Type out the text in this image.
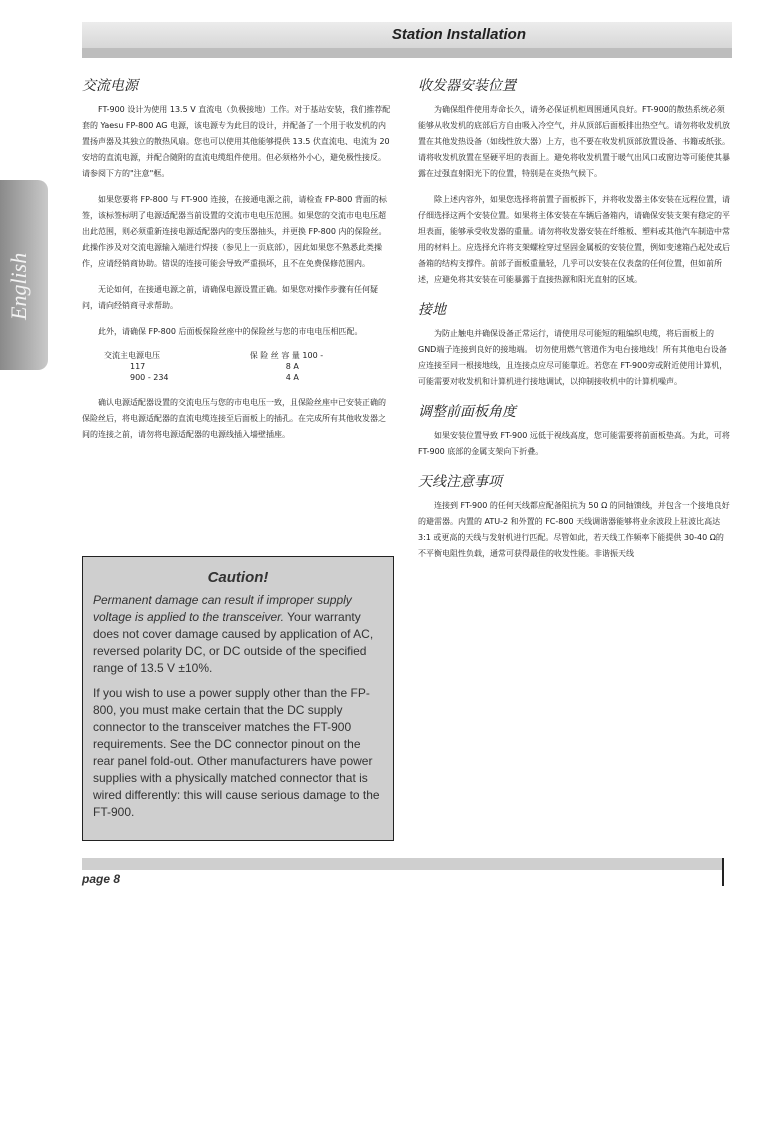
Station Installation
English
交流电源

FT-900 设计为使用 13.5 V 直流电（负极接地）工作。对于基站安装，我们推荐配套的 Yaesu FP-800 AG 电源，该电源专为此目的设计，并配备了一个用于收发机的内置扬声器及其独立的散热风扇。您也可以使用其他能够提供 13.5 伏直流电、电流为 20 安培的直流电源，并配合随附的直流电缆组件使用。但必须格外小心，避免极性接反。请参阅下方的"注意"框。

如果您要将 FP-800 与 FT-900 连接，在接通电源之前，请检查 FP-800 背面的标签，该标签标明了电源适配器当前设置的交流市电电压范围。如果您的交流市电电压超出此范围，则必须重新连接电源适配器内的变压器抽头，并更换 FP-800 内的保险丝。此操作涉及对交流电源输入端进行焊接（参见上一页底部），因此如果您不熟悉此类操作，应请经销商协助。错误的连接可能会导致严重损坏，且不在免费保修范围内。

无论如何，在接通电源之前，请确保电源设置正确。如果您对操作步骤有任何疑问，请向经销商寻求帮助。

此外，请确保 FP-800 后面板保险丝座中的保险丝与您的市电电压相匹配。

交流主电源电压	保 险 丝 容 量 100 -
117	8 A
900 - 234	4 A

确认电源适配器设置的交流电压与您的市电电压一致，且保险丝座中已安装正确的保险丝后，将电源适配器的直流电缆连接至后面板上的插孔。在完成所有其他收发器之间的连接之前，请勿将电源适配器的电源线插入墙壁插座。

Caution!

Permanent damage can result if improper supply voltage is applied to the transceiver. Your warranty does not cover damage caused by application of AC, reversed polarity DC, or DC outside of the specified range of 13.5 V ±10%.

If you wish to use a power supply other than the FP-800, you must make certain that the DC supply connector to the transceiver matches the FT-900 requirements. See the DC connector pinout on the rear panel fold-out. Other manufacturers have power supplies with a physically matched connector that is wired differently: this will cause serious damage to the FT-900.

收发器安装位置

为确保组件使用寿命长久，请务必保证机柜周围通风良好。FT-900的散热系统必须能够从收发机的底部后方自由吸入冷空气，并从顶部后面板排出热空气。请勿将收发机放置在其他发热设备（如线性放大器）上方，也不要在收发机顶部放置设备、书籍或纸张。请将收发机放置在坚硬平坦的表面上。避免将收发机置于暖气出风口或窗边等可能使其暴露在过强直射阳光下的位置，特别是在炎热气候下。

除上述内容外，如果您选择将前置子面板拆下，并将收发器主体安装在远程位置，请仔细选择这两个安装位置。如果将主体安装在车辆后备箱内，请确保安装支架有稳定的平坦表面，能够承受收发器的重量。请勿将收发器安装在纤维板、塑料或其他汽车制造中常用的材料上。应选择允许将支架螺栓穿过坚固金属板的安装位置，例如变速箱凸起处或后备箱的结构支撑件。前部子面板重量轻，几乎可以安装在仪表盘的任何位置，但如前所述，应避免将其安装在可能暴露于直接热源和阳光直射的区域。

接地

为防止触电并确保设备正常运行，请使用尽可能短的粗编织电缆，将后面板上的GND端子连接到良好的接地端。 切勿使用燃气管道作为电台接地线！所有其他电台设备应连接至同一根接地线，且连接点应尽可能靠近。若您在 FT-900旁或附近使用计算机，可能需要对收发机和计算机进行接地调试，以抑制接收机中的计算机噪声。

调整前面板角度

如果安装位置导致 FT-900 远低于视线高度，您可能需要将前面板垫高。为此，可将 FT-900 底部的金属支架向下折叠。

天线注意事项

连接到 FT-900 的任何天线都应配备阻抗为 50 Ω 的同轴馈线，并包含一个接地良好的避雷器。内置的 ATU-2 和外置的 FC-800 天线调谐器能够将业余波段上驻波比高达 3:1 或更高的天线与发射机进行匹配。尽管如此，若天线工作频率下能提供 30-40 Ω的不平衡电阻性负载，通常可获得最佳的收发性能。非谐振天线

page 8
